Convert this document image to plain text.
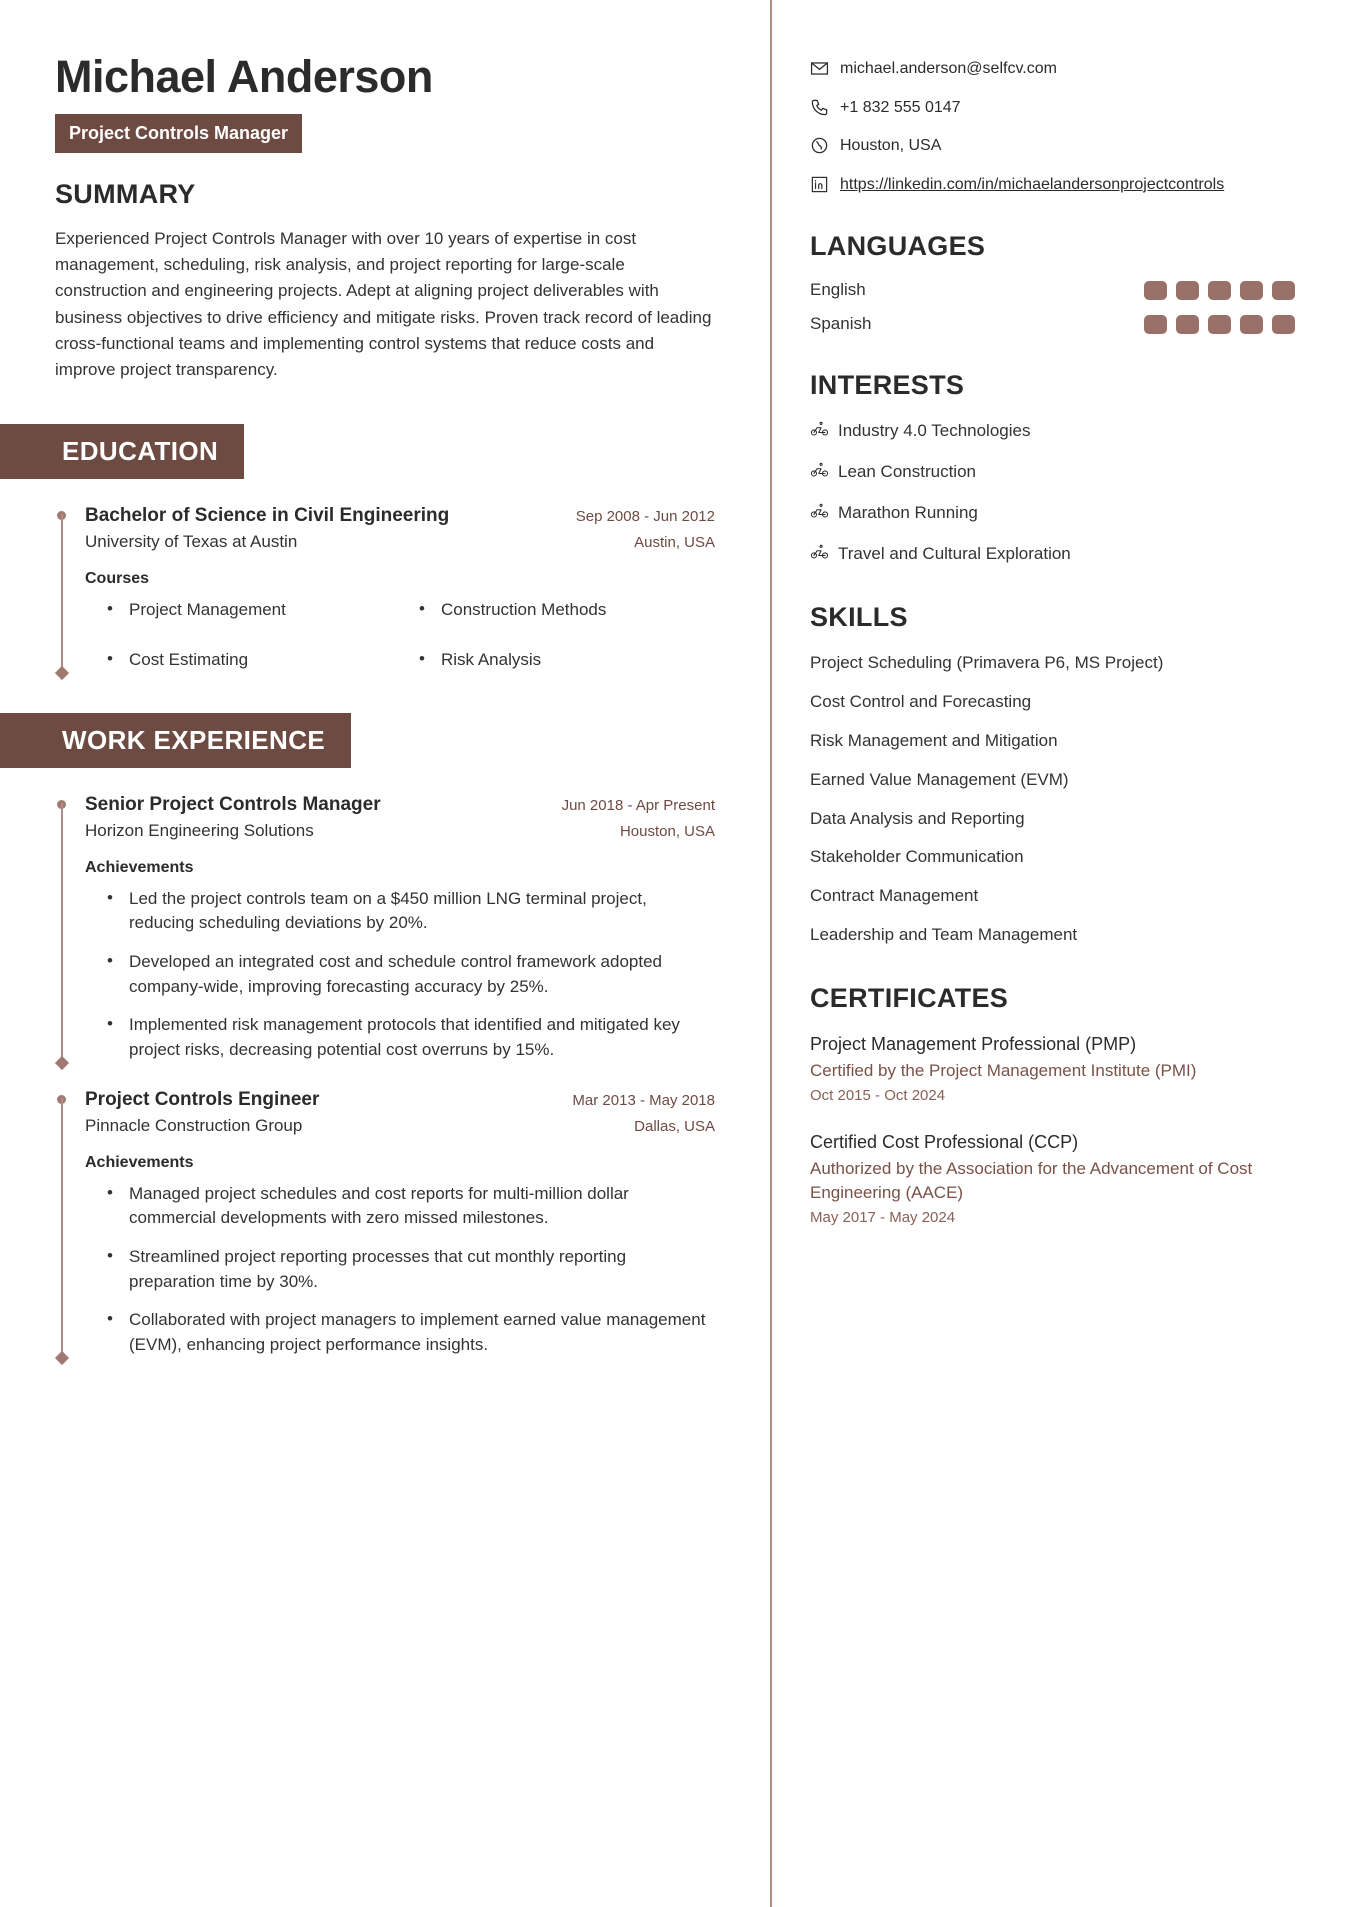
Michael Anderson
Project Controls Manager
SUMMARY
Experienced Project Controls Manager with over 10 years of expertise in cost management, scheduling, risk analysis, and project reporting for large-scale construction and engineering projects. Adept at aligning project deliverables with business objectives to drive efficiency and mitigate risks. Proven track record of leading cross-functional teams and implementing control systems that reduce costs and improve project transparency.
EDUCATION
Bachelor of Science in Civil Engineering	Sep 2008 - Jun 2012
University of Texas at Austin	Austin, USA
Courses
• Project Management	• Construction Methods
• Cost Estimating	• Risk Analysis
WORK EXPERIENCE
Senior Project Controls Manager	Jun 2018 - Apr Present
Horizon Engineering Solutions	Houston, USA
Achievements
• Led the project controls team on a $450 million LNG terminal project, reducing scheduling deviations by 20%.
• Developed an integrated cost and schedule control framework adopted company-wide, improving forecasting accuracy by 25%.
• Implemented risk management protocols that identified and mitigated key project risks, decreasing potential cost overruns by 15%.
Project Controls Engineer	Mar 2013 - May 2018
Pinnacle Construction Group	Dallas, USA
Achievements
• Managed project schedules and cost reports for multi-million dollar commercial developments with zero missed milestones.
• Streamlined project reporting processes that cut monthly reporting preparation time by 30%.
• Collaborated with project managers to implement earned value management (EVM), enhancing project performance insights.
michael.anderson@selfcv.com
+1 832 555 0147
Houston, USA
https://linkedin.com/in/michaelandersonprojectcontrols
LANGUAGES
English
Spanish
INTERESTS
Industry 4.0 Technologies
Lean Construction
Marathon Running
Travel and Cultural Exploration
SKILLS
Project Scheduling (Primavera P6, MS Project)
Cost Control and Forecasting
Risk Management and Mitigation
Earned Value Management (EVM)
Data Analysis and Reporting
Stakeholder Communication
Contract Management
Leadership and Team Management
CERTIFICATES
Project Management Professional (PMP)
Certified by the Project Management Institute (PMI)
Oct 2015 - Oct 2024
Certified Cost Professional (CCP)
Authorized by the Association for the Advancement of Cost Engineering (AACE)
May 2017 - May 2024
